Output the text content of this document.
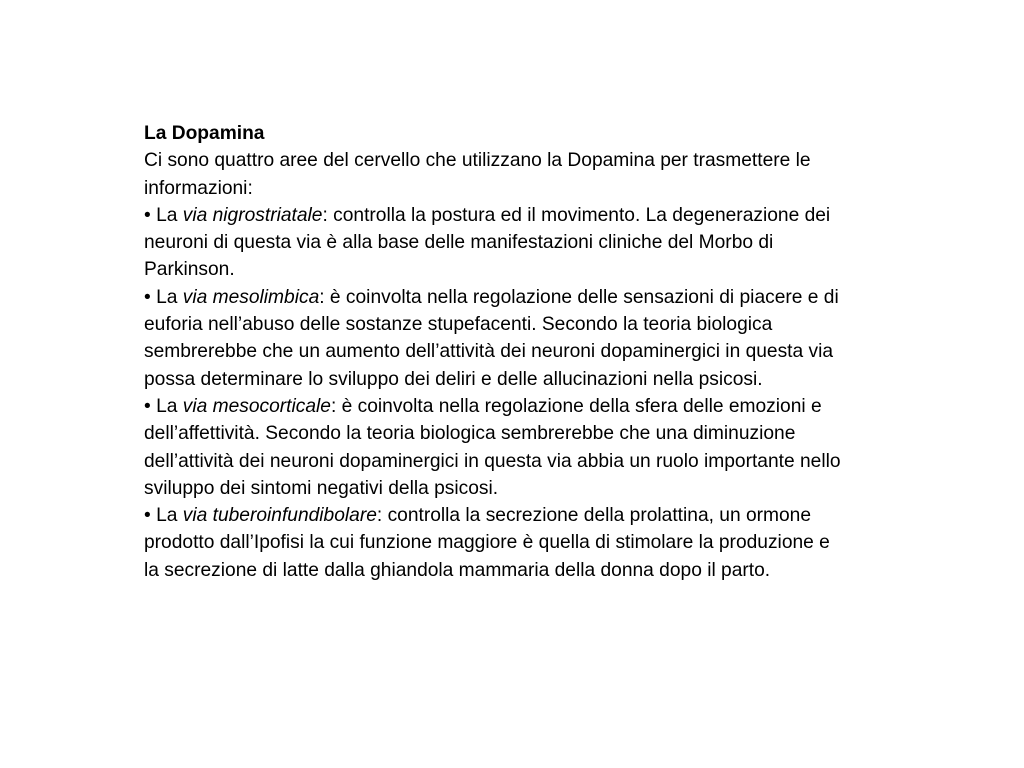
La Dopamina

Ci sono quattro aree del cervello che utilizzano la Dopamina per trasmettere le informazioni:

• La via nigrostriatale: controlla la postura ed il movimento. La degenerazione dei neuroni di questa via è alla base delle manifestazioni cliniche del Morbo di Parkinson.

• La via mesolimbica: è coinvolta nella regolazione delle sensazioni di piacere e di euforia nell’abuso delle sostanze stupefacenti. Secondo la teoria biologica sembrerebbe che un aumento dell’attività dei neuroni dopaminergici in questa via possa determinare lo sviluppo dei deliri e delle allucinazioni nella psicosi.

• La via mesocorticale: è coinvolta nella regolazione della sfera delle emozioni e dell’affettività. Secondo la teoria biologica sembrerebbe che una diminuzione dell’attività dei neuroni dopaminergici in questa via abbia un ruolo importante nello sviluppo dei sintomi negativi della psicosi.

• La via tuberoinfundibolare: controlla la secrezione della prolattina, un ormone prodotto dall’Ipofisi la cui funzione maggiore è quella di stimolare la produzione e la secrezione di latte dalla ghiandola mammaria della donna dopo il parto.
